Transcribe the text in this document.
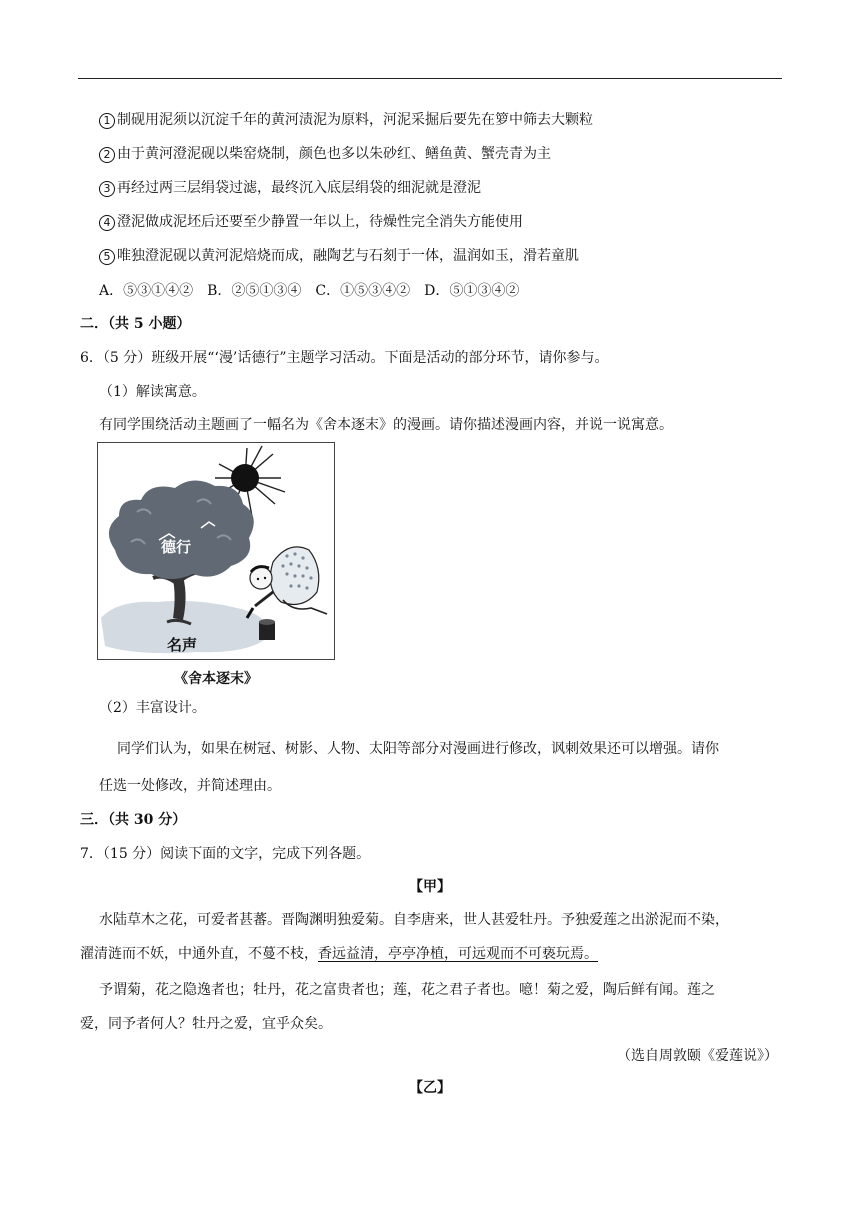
1 制砚用泥须以沉淀千年的黄河渍泥为原料，河泥采掘后要先在箩中筛去大颗粒
2 由于黄河澄泥砚以柴窑烧制，颜色也多以朱砂红、鳝鱼黄、蟹壳青为主
3 再经过两三层绢袋过滤，最终沉入底层绢袋的细泥就是澄泥
4 澄泥做成泥坯后还要至少静置一年以上，待燥性完全消失方能使用
5 唯独澄泥砚以黄河泥焙烧而成，融陶艺与石刻于一体，温润如玉，滑若童肌
A．⑤③①④②　B．②⑤①③④　C．①⑤③④②　D．⑤①③④②
二．（共 5 小题）
6．（5 分）班级开展“‘漫’话德行”主题学习活动。下面是活动的部分环节，请你参与。
（1）解读寓意。
有同学围绕活动主题画了一幅名为《舍本逐末》的漫画。请你描述漫画内容，并说一说寓意。
德行
名声
《舍本逐末》
（2）丰富设计。
同学们认为，如果在树冠、树影、人物、太阳等部分对漫画进行修改，讽刺效果还可以增强。请你
任选一处修改，并简述理由。
三．（共 30 分）
7．（15 分）阅读下面的文字，完成下列各题。
【甲】
水陆草木之花，可爱者甚蕃。晋陶渊明独爱菊。自李唐来，世人甚爱牡丹。予独爱莲之出淤泥而不染，
濯清涟而不妖，中通外直，不蔓不枝，香远益清，亭亭净植，可远观而不可亵玩焉。
予谓菊，花之隐逸者也；牡丹，花之富贵者也；莲，花之君子者也。噫！菊之爱，陶后鲜有闻。莲之
爱，同予者何人？牡丹之爱，宜乎众矣。
（选自周敦颐《爱莲说》）
【乙】
